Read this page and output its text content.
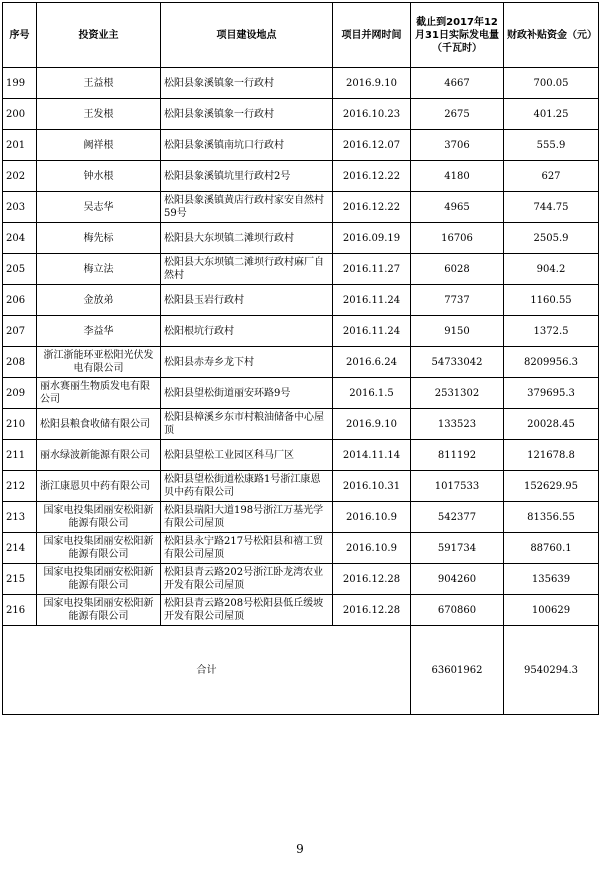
序号	投资业主	项目建设地点	项目并网时间	截止到2017年12月31日实际发电量（千瓦时）	财政补贴资金（元）
199	王益根	松阳县象溪镇象一行政村	2016.9.10	4667	700.05
200	王发根	松阳县象溪镇象一行政村	2016.10.23	2675	401.25
201	阙祥根	松阳县象溪镇南坑口行政村	2016.12.07	3706	555.9
202	钟水根	松阳县象溪镇坑里行政村2号	2016.12.22	4180	627
203	吴志华	松阳县象溪镇黄店行政村家安自然村59号	2016.12.22	4965	744.75
204	梅先标	松阳县大东坝镇二滩坝行政村	2016.09.19	16706	2505.9
205	梅立法	松阳县大东坝镇二滩坝行政村麻厂自然村	2016.11.27	6028	904.2
206	金放弟	松阳县玉岩行政村	2016.11.24	7737	1160.55
207	李益华	松阳根坑行政村	2016.11.24	9150	1372.5
208	浙江浙能环亚松阳光伏发电有限公司	松阳县赤寿乡龙下村	2016.6.24	54733042	8209956.3
209	丽水赛丽生物质发电有限公司	松阳县望松街道丽安环路9号	2016.1.5	2531302	379695.3
210	松阳县粮食收储有限公司	松阳县樟溪乡东市村粮油储备中心屋顶	2016.9.10	133523	20028.45
211	丽水绿波新能源有限公司	松阳县望松工业园区科马厂区	2014.11.14	811192	121678.8
212	浙江康恩贝中药有限公司	松阳县望松街道松康路1号浙江康恩贝中药有限公司	2016.10.31	1017533	152629.95
213	国家电投集团丽安松阳新能源有限公司	松阳县瑞阳大道198号浙江万基光学有限公司屋顶	2016.10.9	542377	81356.55
214	国家电投集团丽安松阳新能源有限公司	松阳县永宁路217号松阳县和禧工贸有限公司屋顶	2016.10.9	591734	88760.1
215	国家电投集团丽安松阳新能源有限公司	松阳县青云路202号浙江卧龙湾农业开发有限公司屋顶	2016.12.28	904260	135639
216	国家电投集团丽安松阳新能源有限公司	松阳县青云路208号松阳县低丘缓坡开发有限公司屋顶	2016.12.28	670860	100629
合计				63601962	9540294.3
9
